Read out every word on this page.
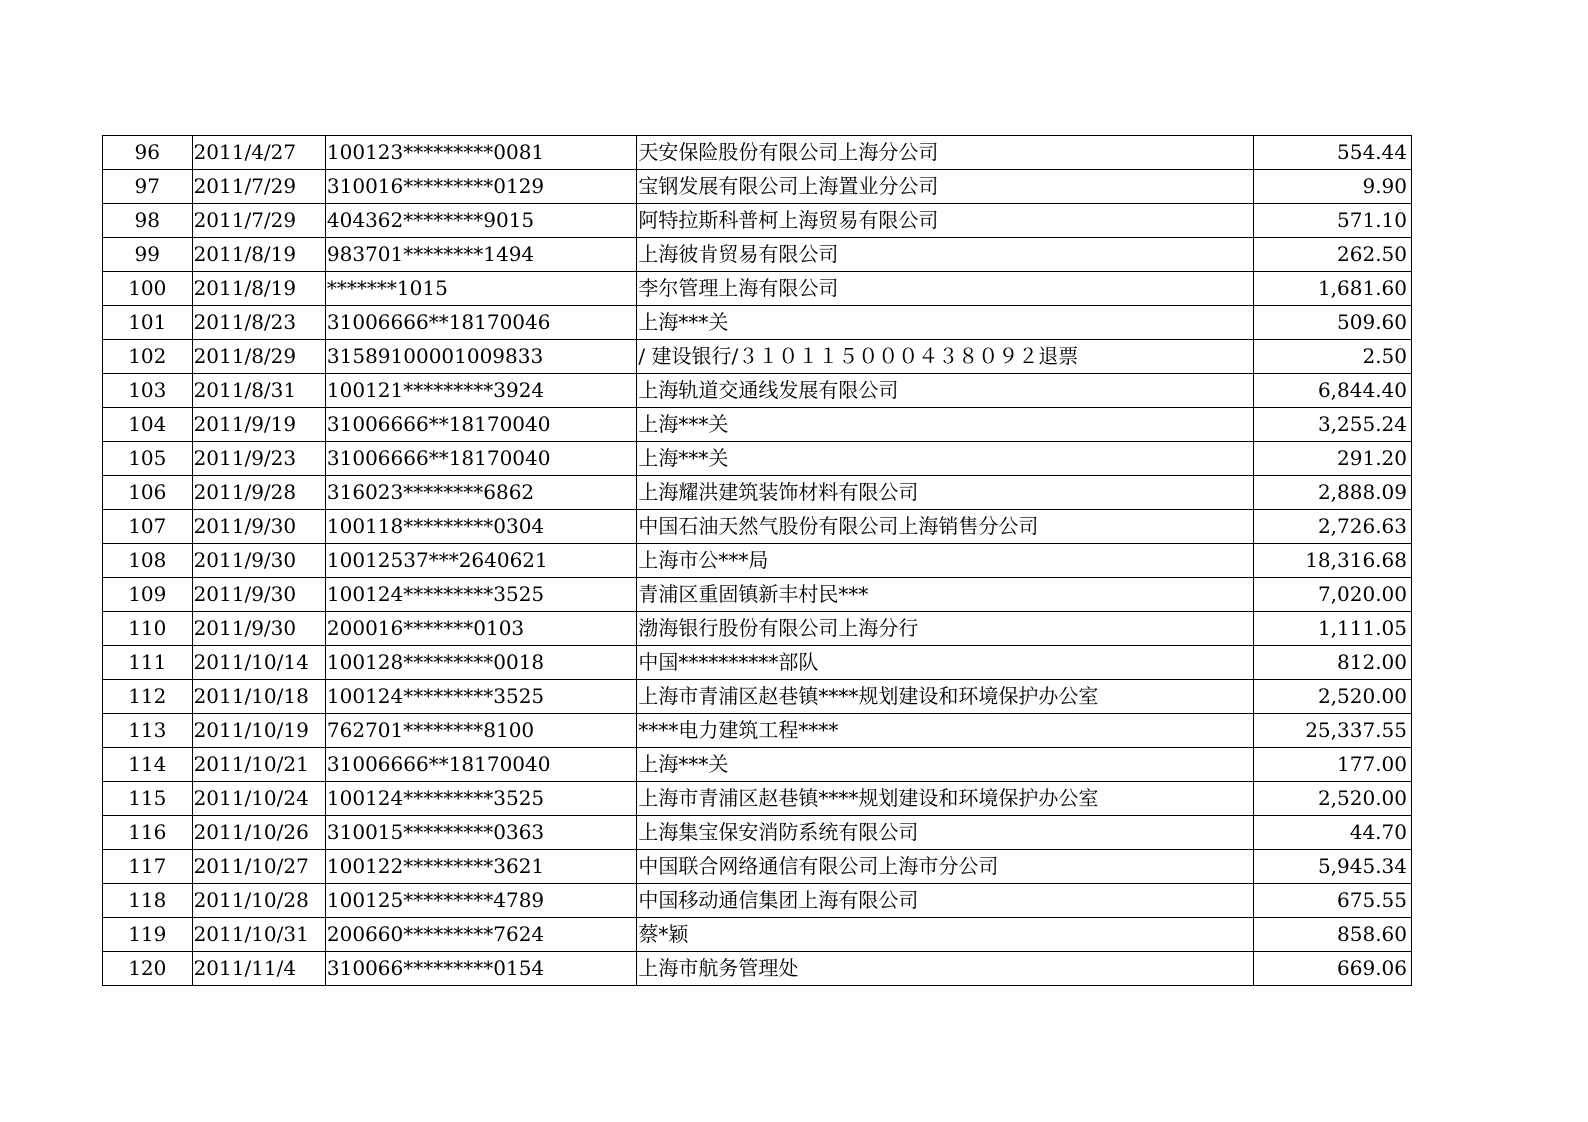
96	2011/4/27	100123*********0081	天安保险股份有限公司上海分公司	554.44
97	2011/7/29	310016*********0129	宝钢发展有限公司上海置业分公司	9.90
98	2011/7/29	404362********9015	阿特拉斯科普柯上海贸易有限公司	571.10
99	2011/8/19	983701********1494	上海彼肯贸易有限公司	262.50
100	2011/8/19	*******1015	李尔管理上海有限公司	1,681.60
101	2011/8/23	31006666**18170046	上海***关	509.60
102	2011/8/29	31589100001009833	/ 建设银行/３１０１１５０００４３８０９２退票	2.50
103	2011/8/31	100121*********3924	上海轨道交通线发展有限公司	6,844.40
104	2011/9/19	31006666**18170040	上海***关	3,255.24
105	2011/9/23	31006666**18170040	上海***关	291.20
106	2011/9/28	316023********6862	上海耀洪建筑装饰材料有限公司	2,888.09
107	2011/9/30	100118*********0304	中国石油天然气股份有限公司上海销售分公司	2,726.63
108	2011/9/30	10012537***2640621	上海市公***局	18,316.68
109	2011/9/30	100124*********3525	青浦区重固镇新丰村民***	7,020.00
110	2011/9/30	200016*******0103	渤海银行股份有限公司上海分行	1,111.05
111	2011/10/14	100128*********0018	中国**********部队	812.00
112	2011/10/18	100124*********3525	上海市青浦区赵巷镇****规划建设和环境保护办公室	2,520.00
113	2011/10/19	762701********8100	****电力建筑工程****	25,337.55
114	2011/10/21	31006666**18170040	上海***关	177.00
115	2011/10/24	100124*********3525	上海市青浦区赵巷镇****规划建设和环境保护办公室	2,520.00
116	2011/10/26	310015*********0363	上海集宝保安消防系统有限公司	44.70
117	2011/10/27	100122*********3621	中国联合网络通信有限公司上海市分公司	5,945.34
118	2011/10/28	100125*********4789	中国移动通信集团上海有限公司	675.55
119	2011/10/31	200660*********7624	蔡*颖	858.60
120	2011/11/4	310066*********0154	上海市航务管理处	669.06
